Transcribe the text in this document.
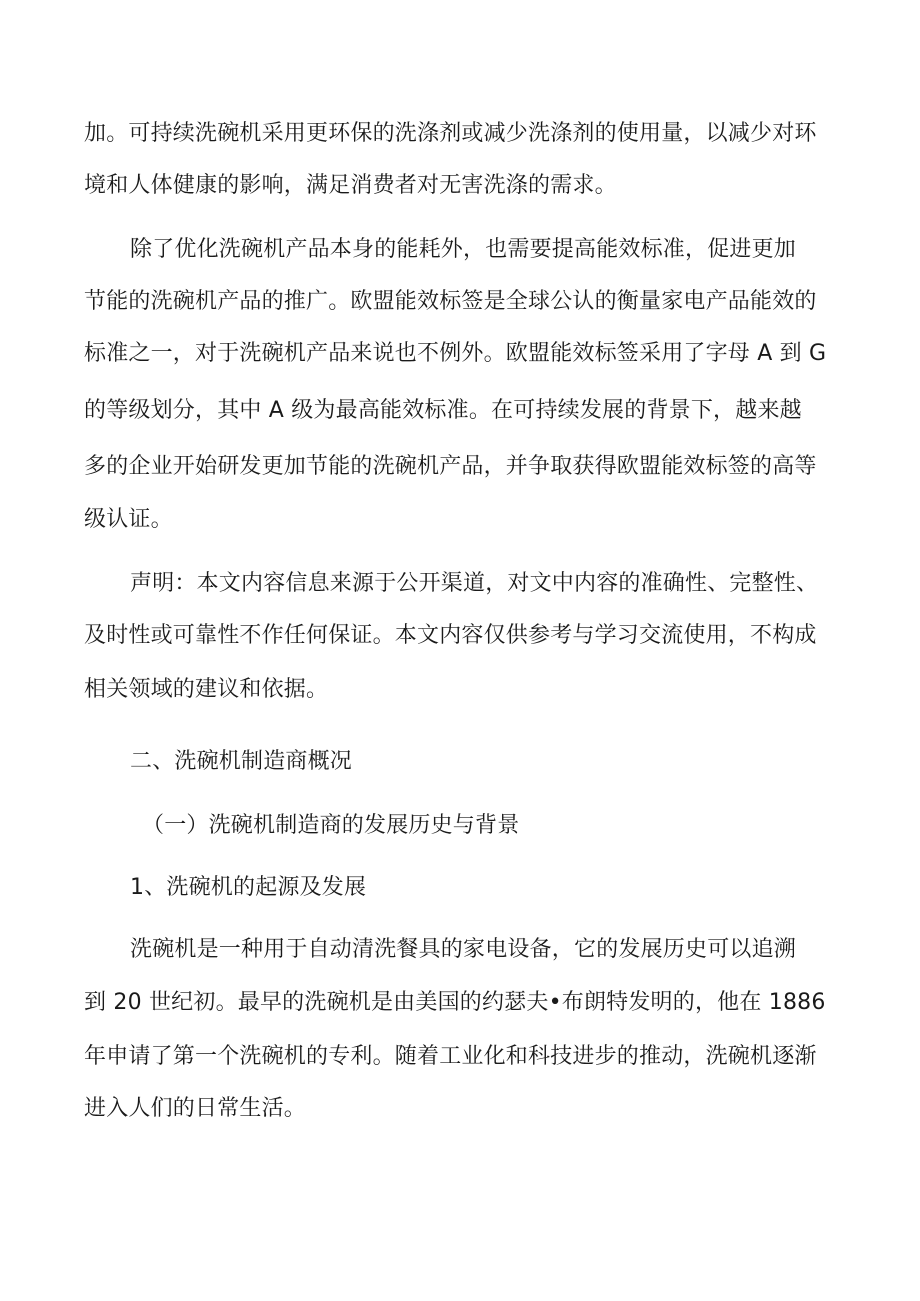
加。可持续洗碗机采用更环保的洗涤剂或减少洗涤剂的使用量，以减少对环
境和人体健康的影响，满足消费者对无害洗涤的需求。
除了优化洗碗机产品本身的能耗外，也需要提高能效标准，促进更加
节能的洗碗机产品的推广。欧盟能效标签是全球公认的衡量家电产品能效的
标准之一，对于洗碗机产品来说也不例外。欧盟能效标签采用了字母 A 到 G
的等级划分，其中 A 级为最高能效标准。在可持续发展的背景下，越来越
多的企业开始研发更加节能的洗碗机产品，并争取获得欧盟能效标签的高等
级认证。
声明：本文内容信息来源于公开渠道，对文中内容的准确性、完整性、
及时性或可靠性不作任何保证。本文内容仅供参考与学习交流使用，不构成
相关领域的建议和依据。
二、洗碗机制造商概况
（一）洗碗机制造商的发展历史与背景
1、洗碗机的起源及发展
洗碗机是一种用于自动清洗餐具的家电设备，它的发展历史可以追溯
到 20 世纪初。最早的洗碗机是由美国的约瑟夫•布朗特发明的，他在 1886
年申请了第一个洗碗机的专利。随着工业化和科技进步的推动，洗碗机逐渐
进入人们的日常生活。
